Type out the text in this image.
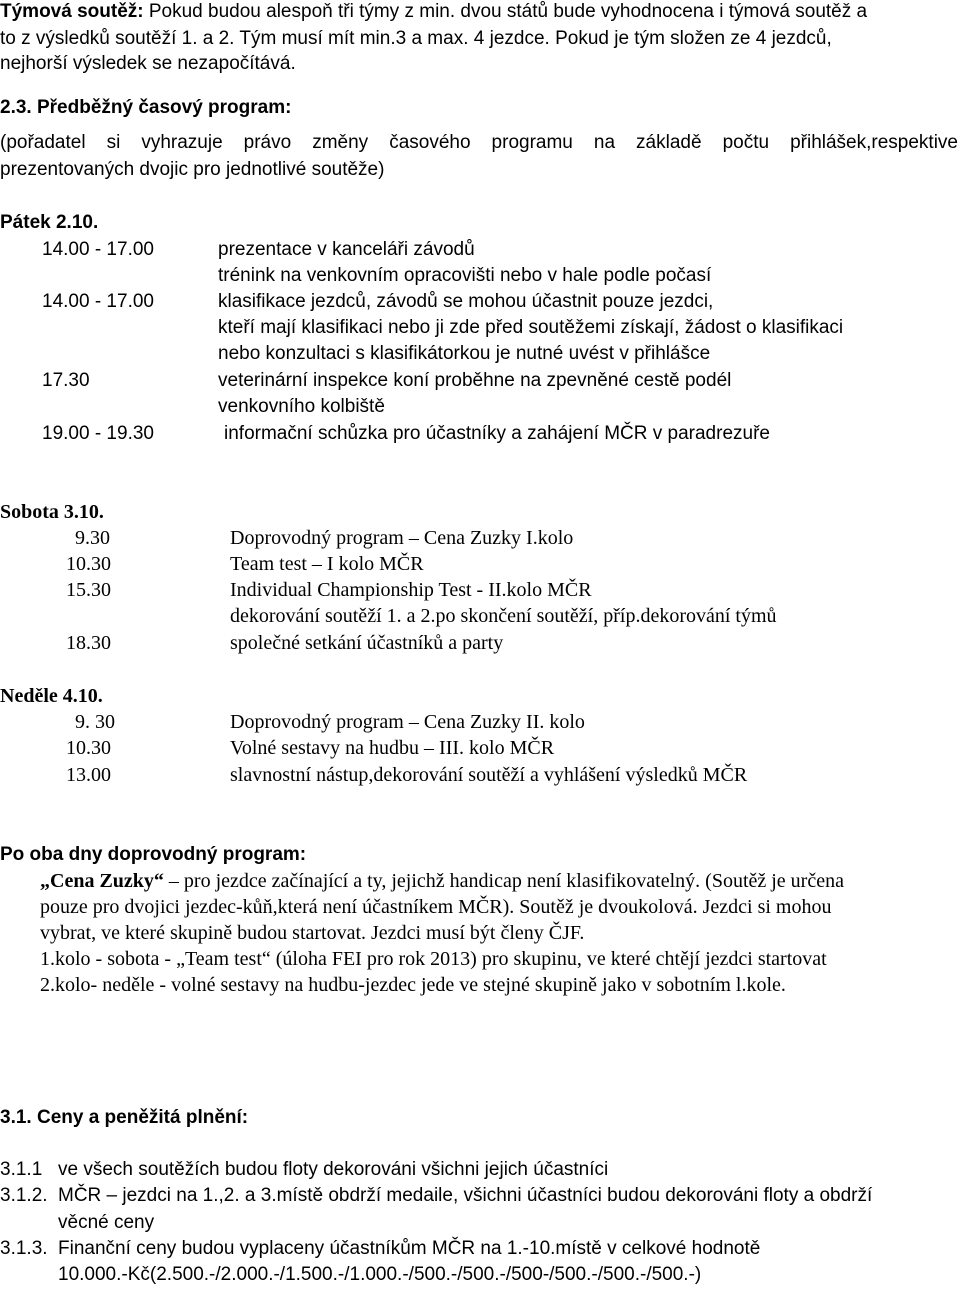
Týmová soutěž: Pokud budou alespoň tři týmy z min. dvou států bude vyhodnocena i týmová soutěž a
to z výsledků soutěží 1. a 2. Tým musí mít min.3 a max. 4 jezdce. Pokud je tým složen ze 4 jezdců,
nejhorší výsledek se nezapočítává.
2.3. Předběžný časový program:
(pořadatel si vyhrazuje právo změny časového programu na základě počtu přihlášek,respektive
prezentovaných dvojic pro jednotlivé soutěže)
Pátek 2.10.
14.00 - 17.00	prezentace v kanceláři závodů
trénink na venkovním opracovišti nebo v hale podle počasí
14.00 - 17.00	klasifikace jezdců, závodů se mohou účastnit pouze jezdci,
kteří mají klasifikaci nebo ji zde před soutěžemi získají, žádost o klasifikaci
nebo konzultaci s klasifikátorkou je nutné uvést v přihlášce
17.30	veterinární inspekce koní proběhne na zpevněné cestě podél
venkovního kolbiště
19.00 - 19.30	informační schůzka pro účastníky a zahájení MČR v paradrezuře
Sobota 3.10.
9.30	Doprovodný program – Cena Zuzky I.kolo
10.30	Team test – I kolo MČR
15.30	Individual Championship Test - II.kolo MČR
dekorování soutěží 1. a 2.po skončení soutěží, příp.dekorování týmů
18.30	společné setkání účastníků a party
Neděle 4.10.
9. 30	Doprovodný program – Cena Zuzky II. kolo
10.30	Volné sestavy na hudbu – III. kolo MČR
13.00	slavnostní nástup,dekorování soutěží a vyhlášení výsledků MČR
Po oba dny doprovodný program:
„Cena Zuzky“ – pro jezdce začínající a ty, jejichž handicap není klasifikovatelný. (Soutěž je určena
pouze pro dvojici jezdec-kůň,která není účastníkem MČR). Soutěž je dvoukolová. Jezdci si mohou
vybrat, ve které skupině budou startovat. Jezdci musí být členy ČJF.
1.kolo - sobota - „Team test“ (úloha FEI pro rok 2013) pro skupinu, ve které chtějí jezdci startovat
2.kolo- neděle - volné sestavy na hudbu-jezdec jede ve stejné skupině jako v sobotním l.kole.
3.1. Ceny a peněžitá plnění:
3.1.1 ve všech soutěžích budou floty dekorováni všichni jejich účastníci
3.1.2. MČR – jezdci na 1.,2. a 3.místě obdrží medaile, všichni účastníci budou dekorováni floty a obdrží
věcné ceny
3.1.3. Finanční ceny budou vyplaceny účastníkům MČR na 1.-10.místě v celkové hodnotě
10.000.-Kč(2.500.-/2.000.-/1.500.-/1.000.-/500.-/500.-/500-/500.-/500.-/500.-)
